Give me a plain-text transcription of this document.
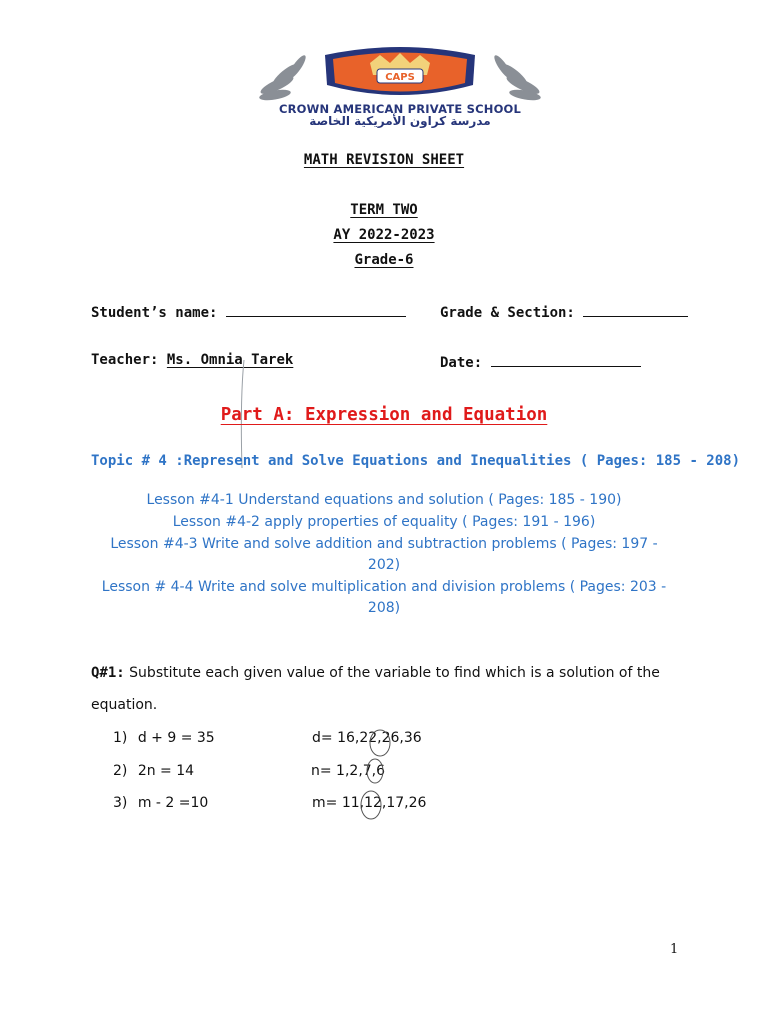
CAPS
CROWN AMERICAN PRIVATE SCHOOL
مدرسة كراون الأمريكية الخاصة
MATH REVISION SHEET
TERM TWO
AY 2022-2023
Grade-6
Student’s name:	Grade & Section:
Teacher: Ms. Omnia Tarek	Date:
Part A: Expression and Equation
Topic # 4 :Represent and Solve Equations and Inequalities ( Pages: 185 - 208)
Lesson #4-1 Understand equations and solution ( Pages: 185 - 190)
Lesson #4-2 apply properties of equality ( Pages: 191 - 196)
Lesson #4-3 Write and solve addition and subtraction problems ( Pages: 197 -
202)
Lesson # 4-4 Write and solve multiplication and division problems ( Pages: 203 -
208)
Q#1: Substitute each given value of the variable to find which is a solution of the
equation.
1) d + 9 = 35	d= 16,22,26,36
2) 2n = 14	n= 1,2,7,6
3) m - 2 =10	m= 11,12,17,26
1
